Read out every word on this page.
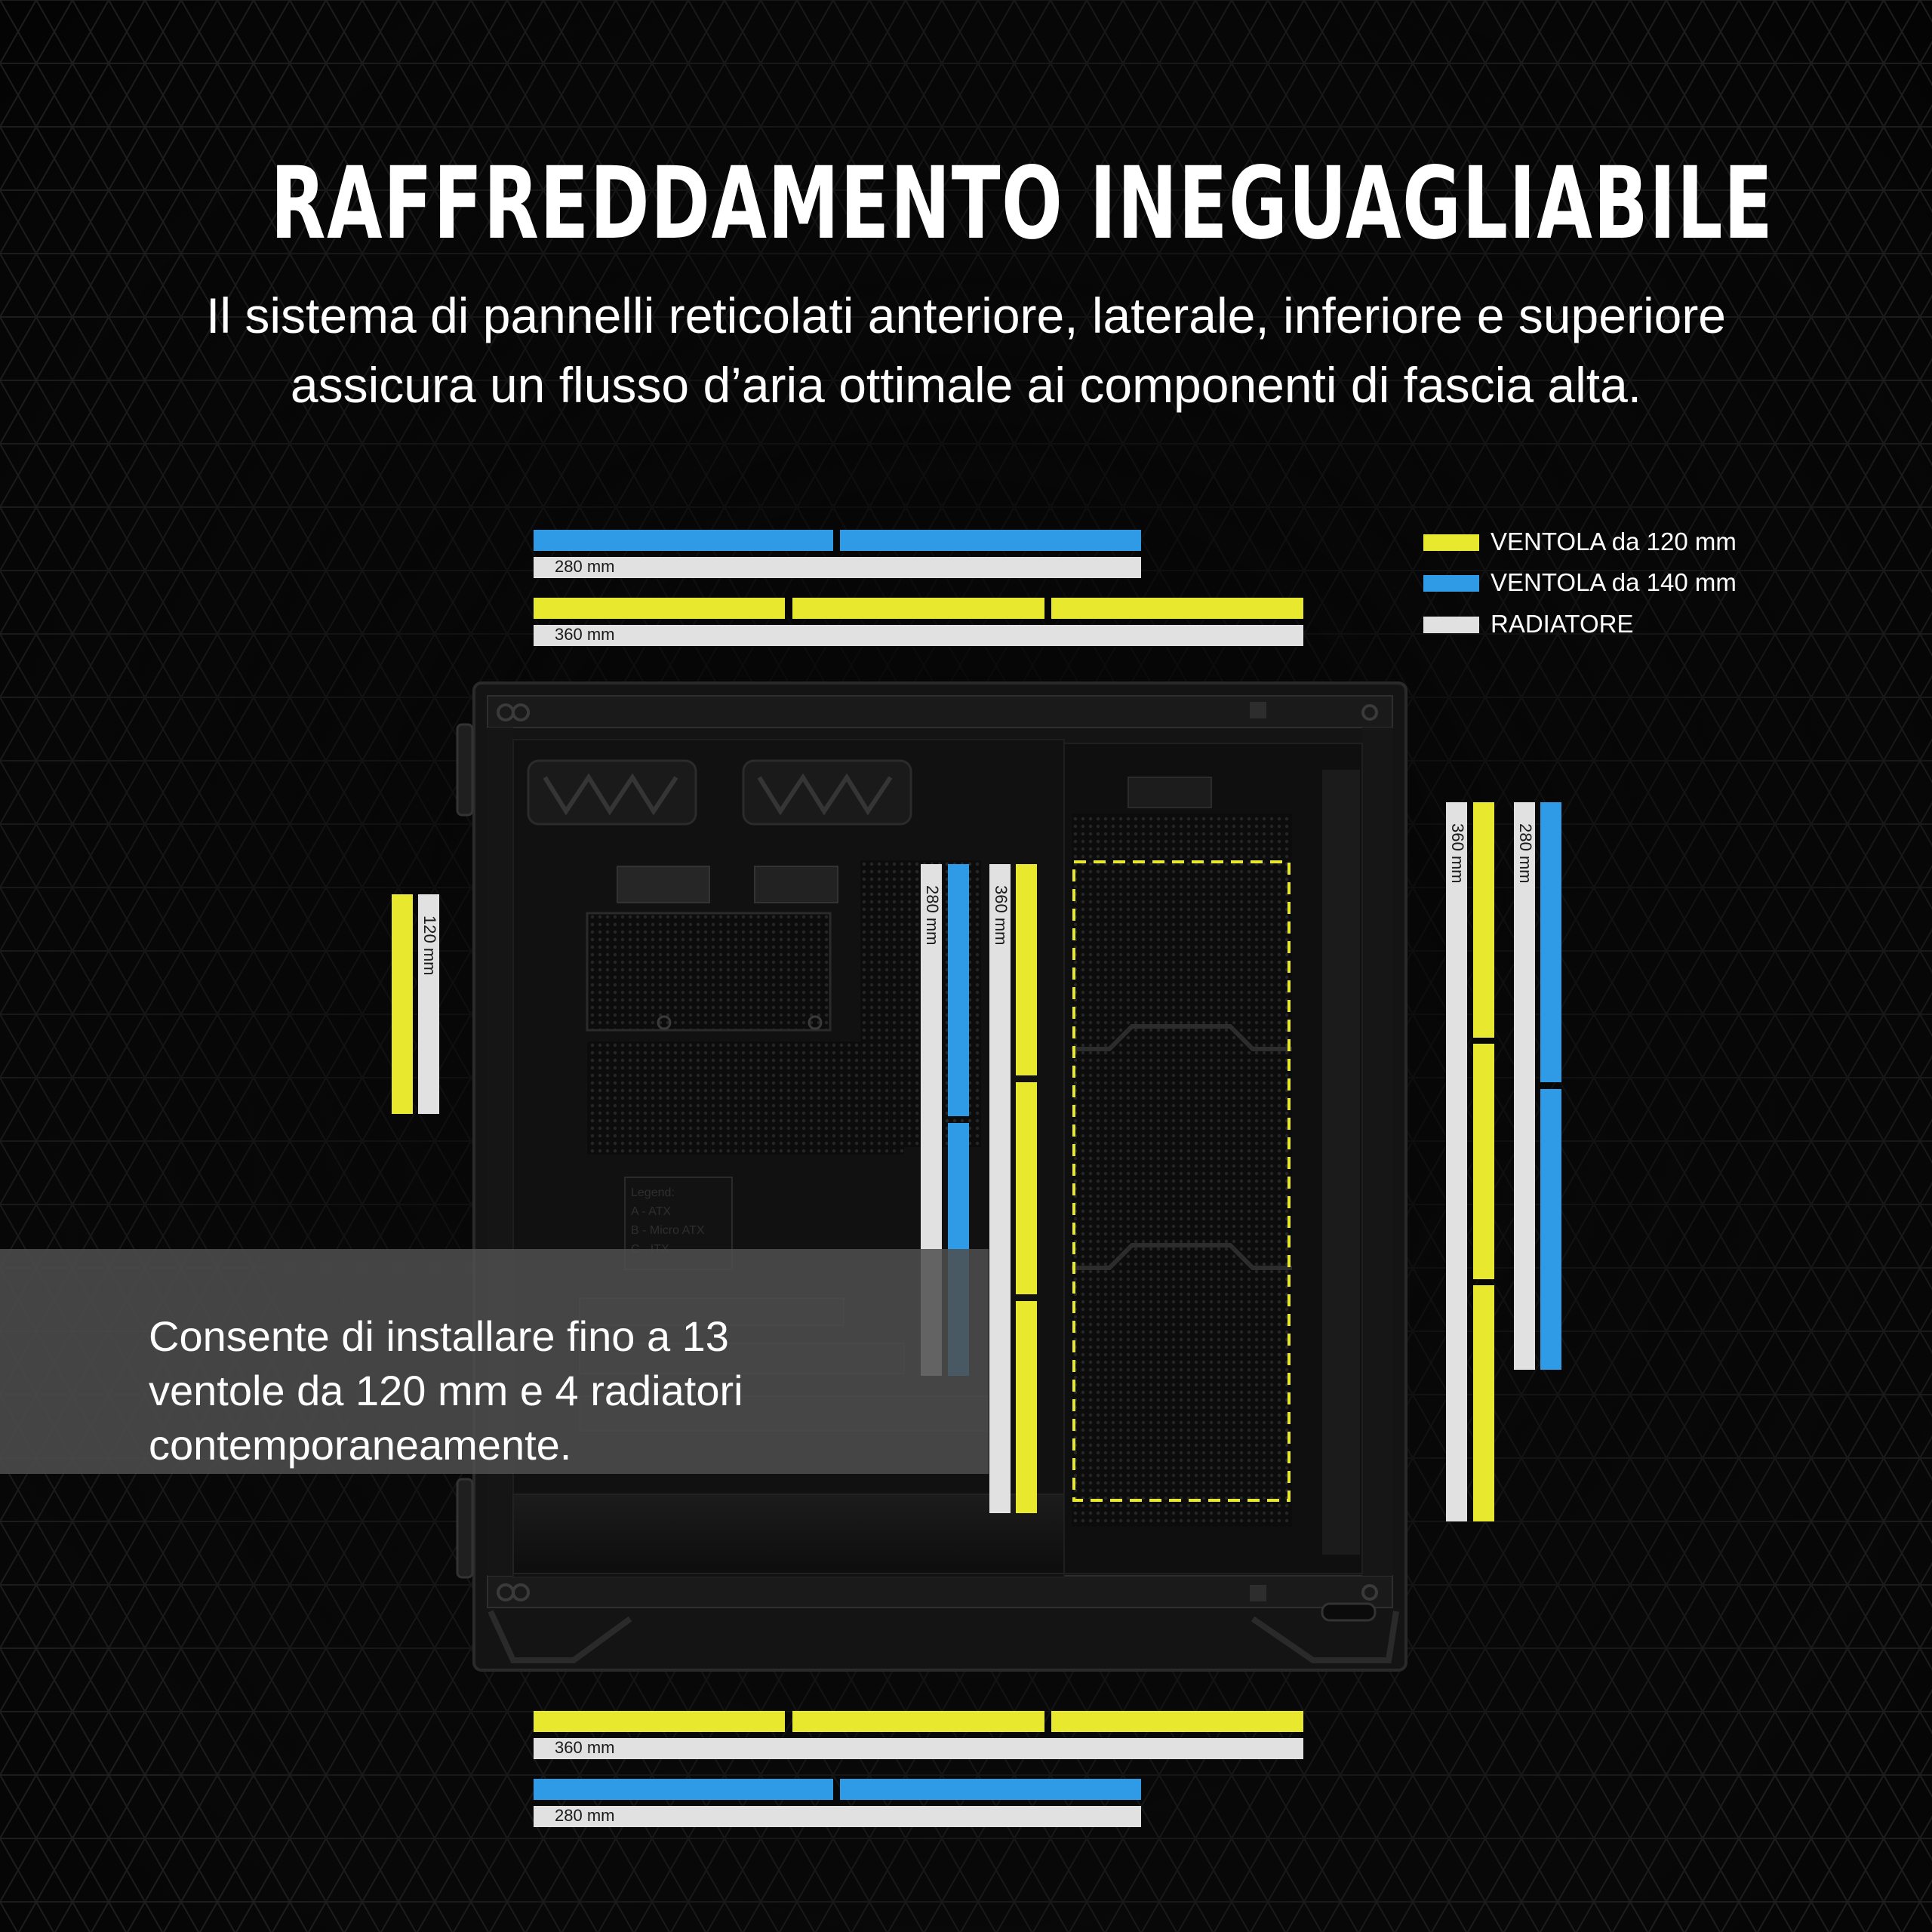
RAFFREDDAMENTO INEGUAGLIABILE
Il sistema di pannelli reticolati anteriore, laterale, inferiore e superiore assicura un flusso d’aria ottimale ai componenti di fascia alta.
VENTOLA da 120 mm
VENTOLA da 140 mm
RADIATORE
280 mm
360 mm
Legend:
A - ATX
B - Micro ATX
120 mm
280 mm	360 mm
360 mm	280 mm
360 mm
280 mm
Consente di installare fino a 13 ventole da 120 mm e 4 radiatori contemporaneamente.
